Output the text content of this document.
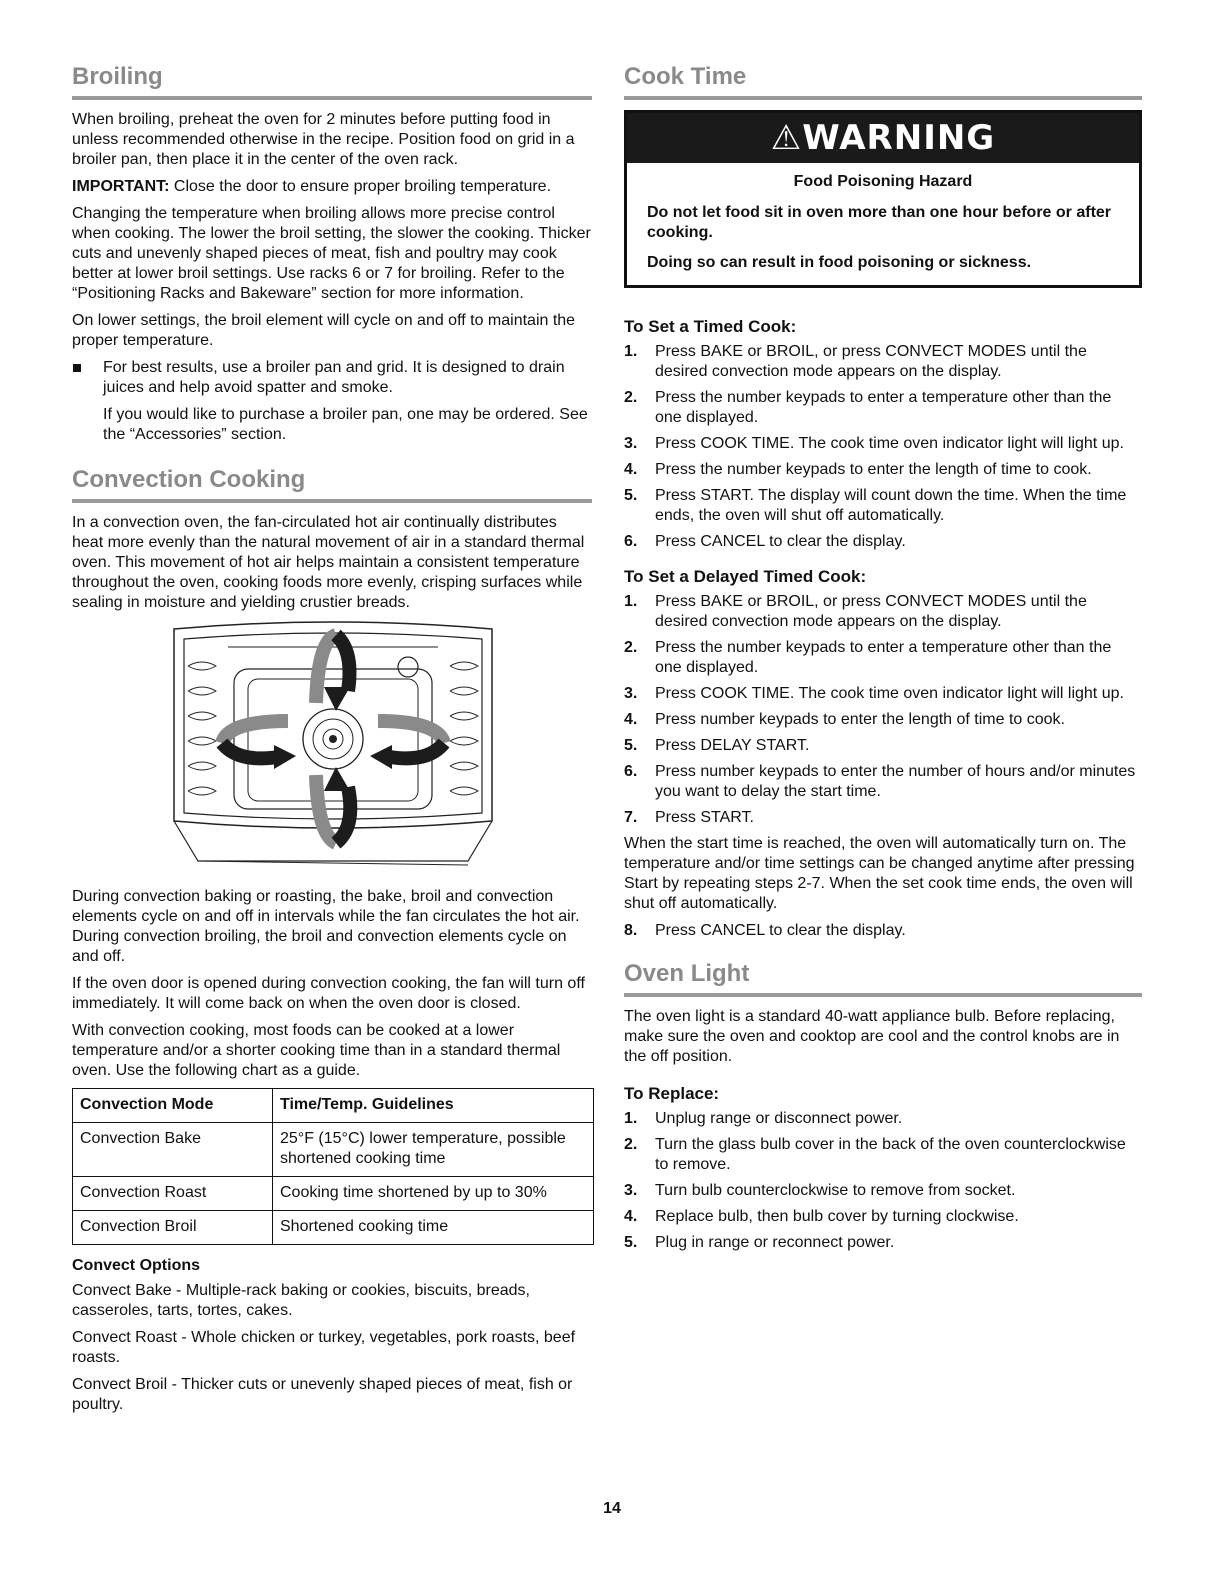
Broiling

When broiling, preheat the oven for 2 minutes before putting food in unless recommended otherwise in the recipe. Position food on grid in a broiler pan, then place it in the center of the oven rack.

IMPORTANT: Close the door to ensure proper broiling temperature.

Changing the temperature when broiling allows more precise control when cooking. The lower the broil setting, the slower the cooking. Thicker cuts and unevenly shaped pieces of meat, fish and poultry may cook better at lower broil settings. Use racks 6 or 7 for broiling. Refer to the “Positioning Racks and Bakeware” section for more information.

On lower settings, the broil element will cycle on and off to maintain the proper temperature.

For best results, use a broiler pan and grid. It is designed to drain juices and help avoid spatter and smoke.

If you would like to purchase a broiler pan, one may be ordered. See the “Accessories” section.

Convection Cooking

In a convection oven, the fan-circulated hot air continually distributes heat more evenly than the natural movement of air in a standard thermal oven. This movement of hot air helps maintain a consistent temperature throughout the oven, cooking foods more evenly, crisping surfaces while sealing in moisture and yielding crustier breads.

During convection baking or roasting, the bake, broil and convection elements cycle on and off in intervals while the fan circulates the hot air. During convection broiling, the broil and convection elements cycle on and off.

If the oven door is opened during convection cooking, the fan will turn off immediately. It will come back on when the oven door is closed.

With convection cooking, most foods can be cooked at a lower temperature and/or a shorter cooking time than in a standard thermal oven. Use the following chart as a guide.

Convection Mode	Time/Temp. Guidelines
Convection Bake	25°F (15°C) lower temperature, possible shortened cooking time
Convection Roast	Cooking time shortened by up to 30%
Convection Broil	Shortened cooking time
Convect Options

Convect Bake - Multiple-rack baking or cookies, biscuits, breads, casseroles, tarts, tortes, cakes.

Convect Roast - Whole chicken or turkey, vegetables, pork roasts, beef roasts.

Convect Broil - Thicker cuts or unevenly shaped pieces of meat, fish or poultry.

Cook Time
⚠WARNING
Food Poisoning Hazard

Do not let food sit in oven more than one hour before or after cooking.

Doing so can result in food poisoning or sickness.

To Set a Timed Cook:
1.	Press BAKE or BROIL, or press CONVECT MODES until the desired convection mode appears on the display.
2.	Press the number keypads to enter a temperature other than the one displayed.
3.	Press COOK TIME. The cook time oven indicator light will light up.
4.	Press the number keypads to enter the length of time to cook.
5.	Press START. The display will count down the time. When the time ends, the oven will shut off automatically.
6.	Press CANCEL to clear the display.
To Set a Delayed Timed Cook:
1.	Press BAKE or BROIL, or press CONVECT MODES until the desired convection mode appears on the display.
2.	Press the number keypads to enter a temperature other than the one displayed.
3.	Press COOK TIME. The cook time oven indicator light will light up.
4.	Press number keypads to enter the length of time to cook.
5.	Press DELAY START.
6.	Press number keypads to enter the number of hours and/or minutes you want to delay the start time.
7.	Press START.

When the start time is reached, the oven will automatically turn on. The temperature and/or time settings can be changed anytime after pressing Start by repeating steps 2-7. When the set cook time ends, the oven will shut off automatically.

8.	Press CANCEL to clear the display.
Oven Light

The oven light is a standard 40-watt appliance bulb. Before replacing, make sure the oven and cooktop are cool and the control knobs are in the off position.

To Replace:
1.	Unplug range or disconnect power.
2.	Turn the glass bulb cover in the back of the oven counterclockwise to remove.
3.	Turn bulb counterclockwise to remove from socket.
4.	Replace bulb, then bulb cover by turning clockwise.
5.	Plug in range or reconnect power.
14
